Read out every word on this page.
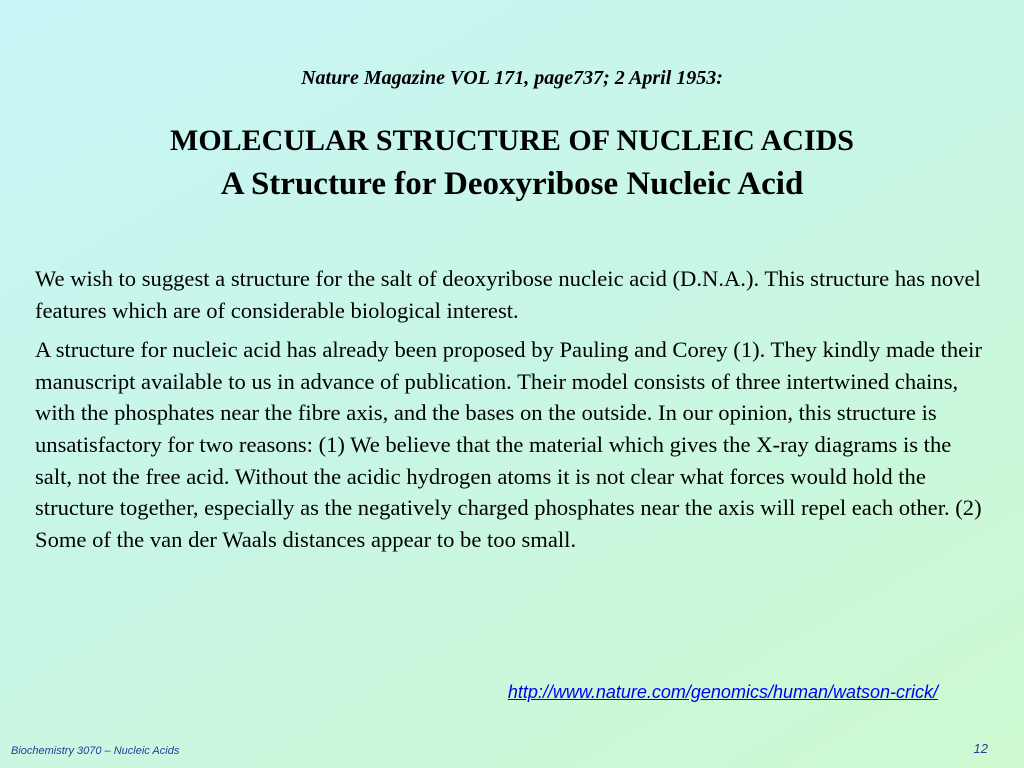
Nature Magazine VOL 171, page737; 2 April 1953:
MOLECULAR STRUCTURE OF NUCLEIC ACIDS
A Structure for Deoxyribose Nucleic Acid

We wish to suggest a structure for the salt of deoxyribose nucleic acid (D.N.A.). This structure has novel features which are of considerable biological interest.

A structure for nucleic acid has already been proposed by Pauling and Corey (1). They kindly made their manuscript available to us in advance of publication. Their model consists of three intertwined chains, with the phosphates near the fibre axis, and the bases on the outside. In our opinion, this structure is unsatisfactory for two reasons: (1) We believe that the material which gives the X-ray diagrams is the salt, not the free acid. Without the acidic hydrogen atoms it is not clear what forces would hold the structure together, especially as the negatively charged phosphates near the axis will repel each other. (2) Some of the van der Waals distances appear to be too small.

http://www.nature.com/genomics/human/watson-crick/
Biochemistry 3070 – Nucleic Acids	12
